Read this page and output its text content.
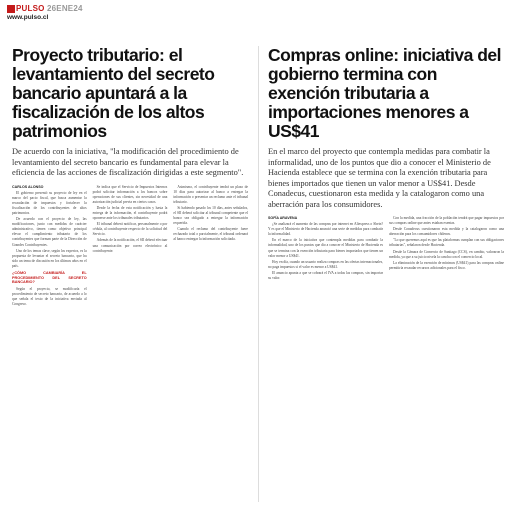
PULSO 26ENE24
www.pulso.cl
Proyecto tributario: el levantamiento del secreto bancario apuntará a la fiscalización de los altos patrimonios

De acuerdo con la iniciativa, "la modificación del procedimiento de levantamiento del secreto bancario es fundamental para elevar la eficiencia de las acciones de fiscalización dirigidas a este segmento".

CARLOS ALONSO

El gobierno presentó su proyecto de ley en el marco del pacto fiscal, que busca aumentar la recaudación de impuestos y fortalecer la fiscalización de los contribuyentes de altos patrimonios.

De acuerdo con el proyecto de ley, las modificaciones, junto con medidas de carácter administrativo, tienen como objetivo principal elevar el cumplimiento tributario de los contribuyentes que forman parte de la Dirección de Grandes Contribuyentes.

Uno de los temas clave, según los expertos, es la propuesta de levantar el secreto bancario, que ha sido un tema de discusión en los últimos años en el país.

¿CÓMO CAMBIARÍA EL PROCEDIMIENTO DEL SECRETO BANCARIO?

Según el proyecto, se modificaría el procedimiento de secreto bancario, de acuerdo a lo que señala el texto de la iniciativa enviada al Congreso.

Se indica que el Servicio de Impuestos Internos podrá solicitar información a los bancos sobre operaciones de sus clientes, sin necesidad de una autorización judicial previa en ciertos casos.

Desde la fecha de esta notificación y hasta la entrega de la información, el contribuyente podrá oponerse ante los tribunales tributarios.

El tribunal deberá notificar, personalmente o por cédula, al contribuyente respecto de la solicitud del Servicio.

Además de la notificación, el SII deberá efectuar una comunicación por correo electrónico al contribuyente.

Asimismo, el contribuyente tendrá un plazo de 10 días para autorizar al banco a entregar la información o presentar un reclamo ante el tribunal tributario.

Si habiendo pasado los 10 días, antes señalados, el SII deberá solicitar al tribunal competente que el banco sea obligado a entregar la información requerida.

Cuando el reclamo del contribuyente fuere rechazado total o parcialmente, el tribunal ordenará al banco entregar la información solicitada.

Compras online: iniciativa del gobierno termina con exención tributaria a importaciones menores a US$41

En el marco del proyecto que contempla medidas para combatir la informalidad, uno de los puntos que dio a conocer el Ministerio de Hacienda establece que se termina con la exención tributaria para bienes importados que tienen un valor menor a US$41. Desde Conadecus, cuestionaron esta medida y la catalogaron como una aberración para los consumidores.

SOFÍA ARAVENA

¿Se analizará el aumento de las compras por internet en Aliexpress o Shein? Y es que el Ministerio de Hacienda anunció una serie de medidas para combatir la informalidad.

En el marco de la iniciativa que contempla medidas para combatir la informalidad, uno de los puntos que dio a conocer el Ministerio de Hacienda es que se termina con la exención tributaria para bienes importados que tienen un valor menor a US$41.

Hoy en día, cuando un usuario realiza compras en las ofertas internacionales, no paga impuestos si el valor es menor a US$41.

El anuncio apunta a que se cobrará el IVA a todas las compras, sin importar su valor.

Con la medida, una fracción de la población tendrá que pagar impuestos por sus compras online que antes estaban exentas.

Desde Conadecus cuestionaron esta medida y la catalogaron como una aberración para los consumidores chilenos.

"Lo que queremos aquí es que las plataformas cumplan con sus obligaciones tributarias", señalaron desde Hacienda.

Desde la Cámara de Comercio de Santiago (CCS), en cambio, valoraron la medida, ya que a su juicio nivela la cancha con el comercio local.

La eliminación de la exención de mínimos (US$41) para las compras online permitiría recaudar recursos adicionales para el fisco.
